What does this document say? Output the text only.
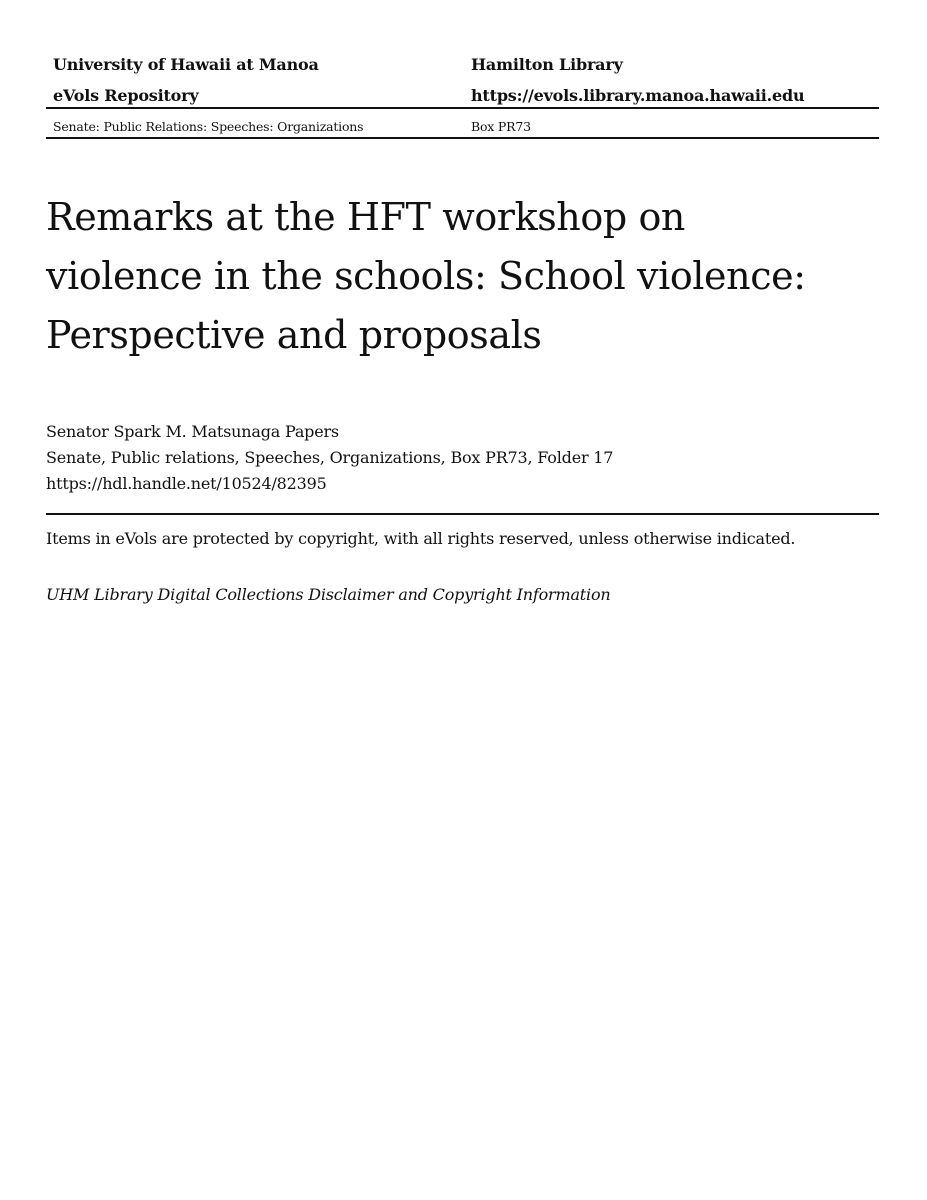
University of Hawaii at Manoa	Hamilton Library
eVols Repository	https://evols.library.manoa.hawaii.edu
Senate: Public Relations: Speeches: Organizations	Box PR73
Remarks at the HFT workshop on violence in the schools: School violence: Perspective and proposals
Senator Spark M. Matsunaga Papers
Senate, Public relations, Speeches, Organizations, Box PR73, Folder 17
https://hdl.handle.net/10524/82395
Items in eVols are protected by copyright, with all rights reserved, unless otherwise indicated.
UHM Library Digital Collections Disclaimer and Copyright Information
